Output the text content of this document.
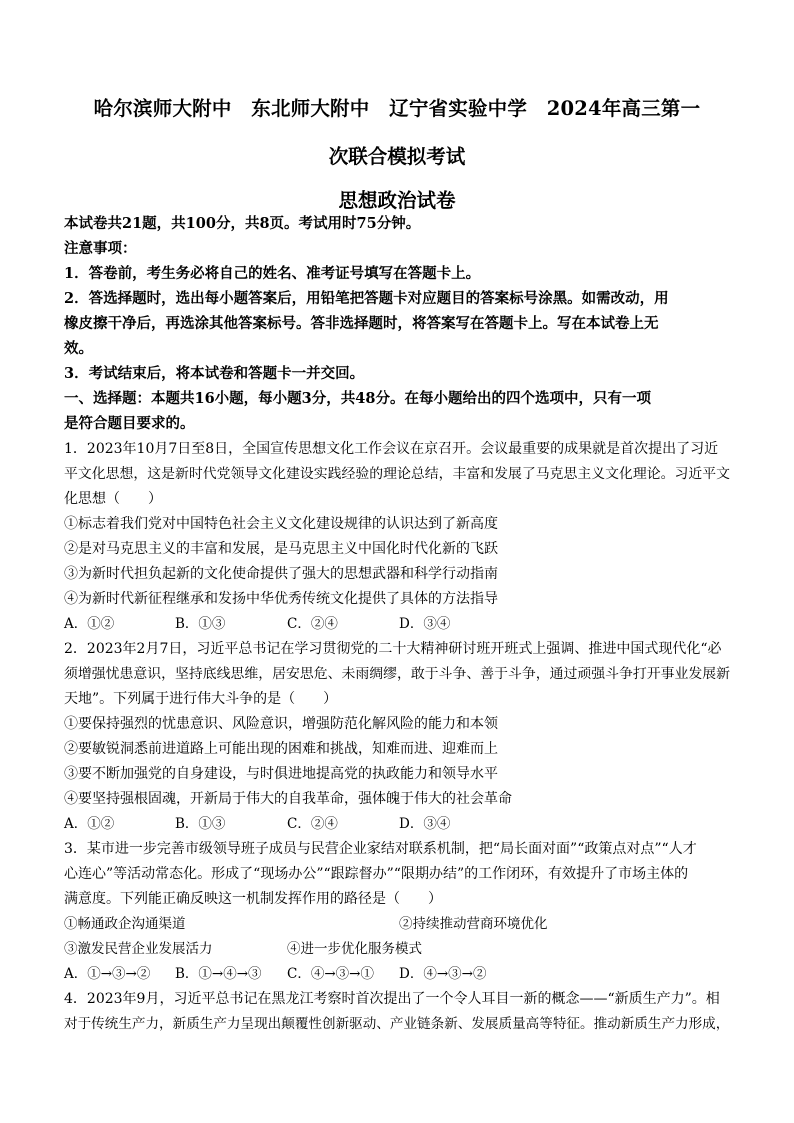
哈尔滨师大附中　东北师大附中　辽宁省实验中学　2024年高三第一
次联合模拟考试
思想政治试卷
本试卷共21题，共100分，共8页。考试用时75分钟。
注意事项：
1．答卷前，考生务必将自己的姓名、准考证号填写在答题卡上。
2．答选择题时，选出每小题答案后，用铅笔把答题卡对应题目的答案标号涂黑。如需改动，用
橡皮擦干净后，再选涂其他答案标号。答非选择题时，将答案写在答题卡上。写在本试卷上无
效。
3．考试结束后，将本试卷和答题卡一并交回。
一、选择题：本题共16小题，每小题3分，共48分。在每小题给出的四个选项中，只有一项
是符合题目要求的。
1．2023年10月7日至8日，全国宣传思想文化工作会议在京召开。会议最重要的成果就是首次提出了习近
平文化思想，这是新时代党领导文化建设实践经验的理论总结，丰富和发展了马克思主义文化理论。习近平文
化思想（　　）
①标志着我们党对中国特色社会主义文化建设规律的认识达到了新高度
②是对马克思主义的丰富和发展，是马克思主义中国化时代化新的飞跃
③为新时代担负起新的文化使命提供了强大的思想武器和科学行动指南
④为新时代新征程继承和发扬中华优秀传统文化提供了具体的方法指导
A．①②	B．①③	C．②④	D．③④
2．2023年2月7日，习近平总书记在学习贯彻党的二十大精神研讨班开班式上强调、推进中国式现代化“必
须增强忧患意识，坚持底线思维，居安思危、未雨绸缪，敢于斗争、善于斗争，通过顽强斗争打开事业发展新
天地”。下列属于进行伟大斗争的是（　　）
①要保持强烈的忧患意识、风险意识，增强防范化解风险的能力和本领
②要敏锐洞悉前进道路上可能出现的困难和挑战，知难而进、迎难而上
③要不断加强党的自身建设，与时俱进地提高党的执政能力和领导水平
④要坚持强根固魂，开新局于伟大的自我革命，强体魄于伟大的社会革命
A．①②	B．①③	C．②④	D．③④
3．某市进一步完善市级领导班子成员与民营企业家结对联系机制，把“局长面对面”“政策点对点”“人才
心连心”等活动常态化。形成了“现场办公”“跟踪督办”“限期办结”的工作闭环，有效提升了市场主体的
满意度。下列能正确反映这一机制发挥作用的路径是（　　）
①畅通政企沟通渠道	②持续推动营商环境优化
③激发民营企业发展活力	④进一步优化服务模式
A．①→③→② B．①→④→③ C．④→③→① D．④→③→②
4．2023年9月，习近平总书记在黑龙江考察时首次提出了一个令人耳目一新的概念——“新质生产力”。相
对于传统生产力，新质生产力呈现出颠覆性创新驱动、产业链条新、发展质量高等特征。推动新质生产力形成，
